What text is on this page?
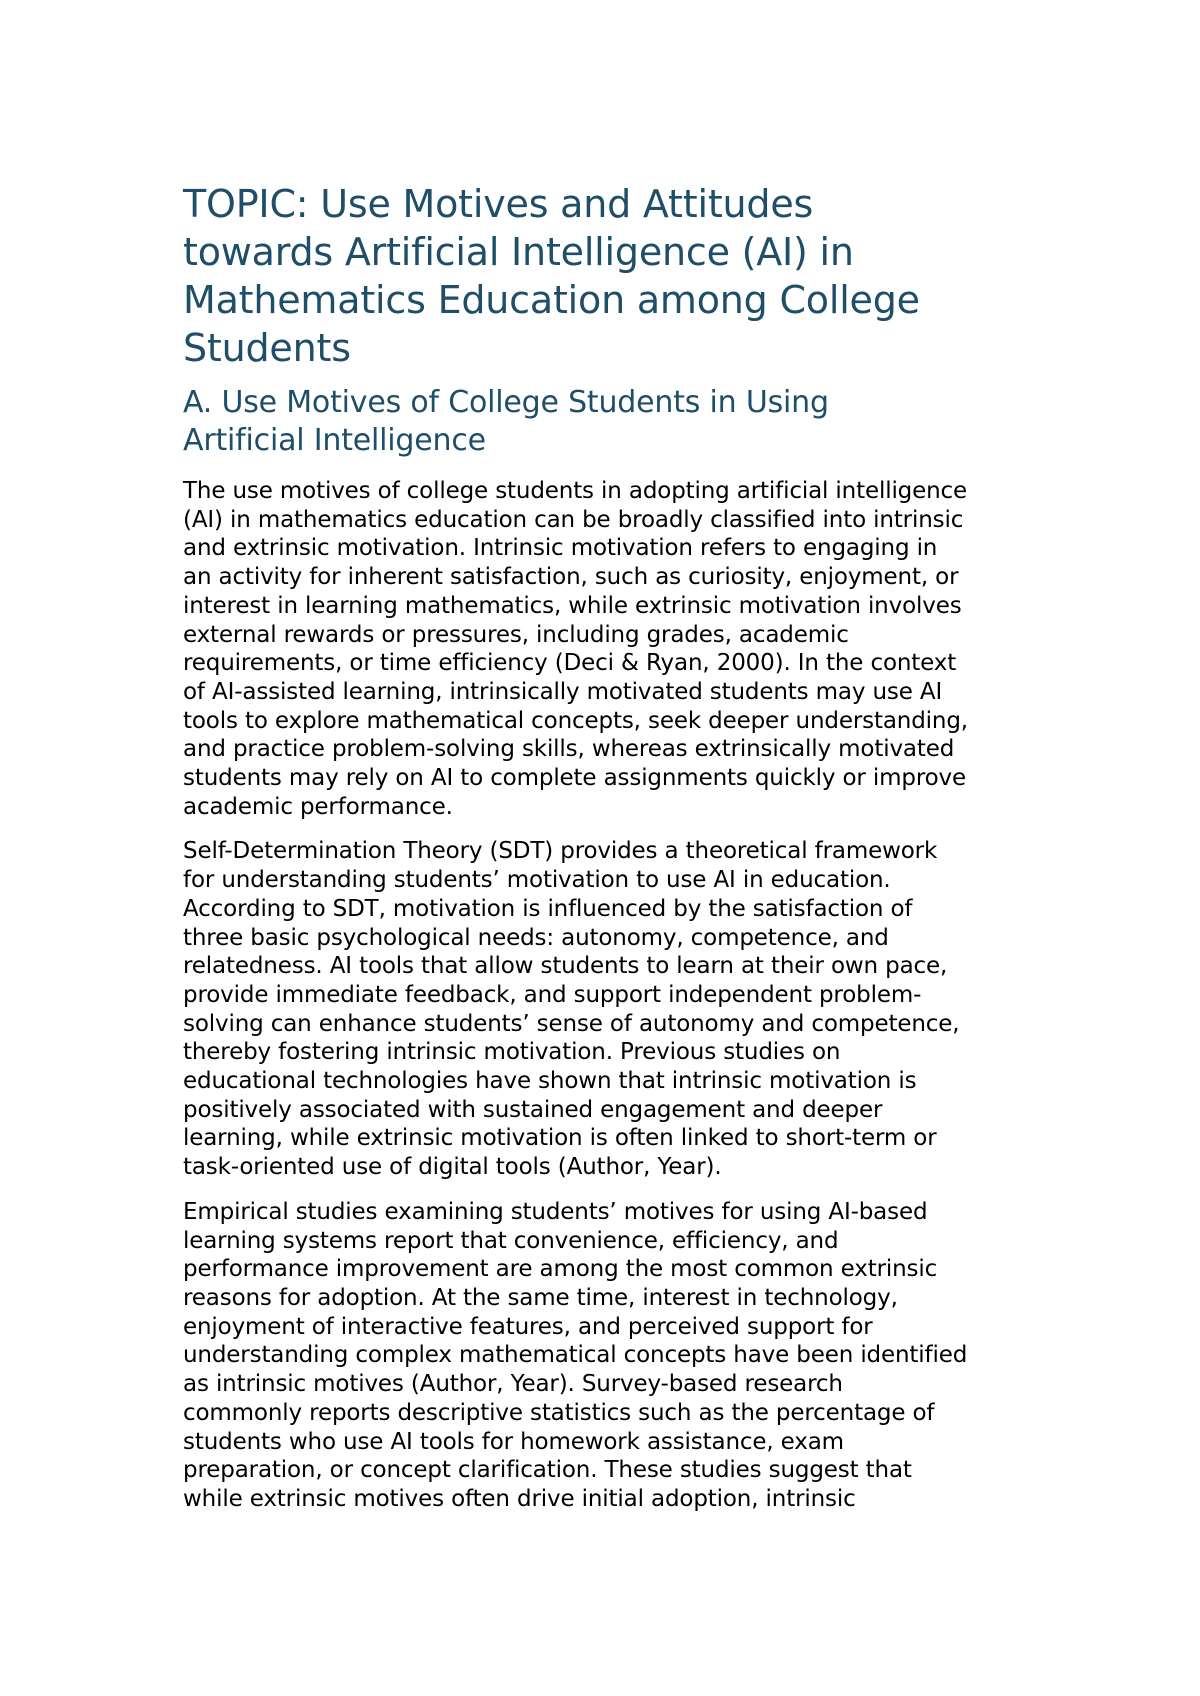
TOPIC: Use Motives and Attitudes
towards Artificial Intelligence (AI) in
Mathematics Education among College
Students
A. Use Motives of College Students in Using
Artificial Intelligence

The use motives of college students in adopting artificial intelligence
(AI) in mathematics education can be broadly classified into intrinsic
and extrinsic motivation. Intrinsic motivation refers to engaging in
an activity for inherent satisfaction, such as curiosity, enjoyment, or
interest in learning mathematics, while extrinsic motivation involves
external rewards or pressures, including grades, academic
requirements, or time efficiency (Deci & Ryan, 2000). In the context
of AI-assisted learning, intrinsically motivated students may use AI
tools to explore mathematical concepts, seek deeper understanding,
and practice problem-solving skills, whereas extrinsically motivated
students may rely on AI to complete assignments quickly or improve
academic performance.

Self-Determination Theory (SDT) provides a theoretical framework
for understanding students’ motivation to use AI in education.
According to SDT, motivation is influenced by the satisfaction of
three basic psychological needs: autonomy, competence, and
relatedness. AI tools that allow students to learn at their own pace,
provide immediate feedback, and support independent problem-
solving can enhance students’ sense of autonomy and competence,
thereby fostering intrinsic motivation. Previous studies on
educational technologies have shown that intrinsic motivation is
positively associated with sustained engagement and deeper
learning, while extrinsic motivation is often linked to short-term or
task-oriented use of digital tools (Author, Year).

Empirical studies examining students’ motives for using AI-based
learning systems report that convenience, efficiency, and
performance improvement are among the most common extrinsic
reasons for adoption. At the same time, interest in technology,
enjoyment of interactive features, and perceived support for
understanding complex mathematical concepts have been identified
as intrinsic motives (Author, Year). Survey-based research
commonly reports descriptive statistics such as the percentage of
students who use AI tools for homework assistance, exam
preparation, or concept clarification. These studies suggest that
while extrinsic motives often drive initial adoption, intrinsic
